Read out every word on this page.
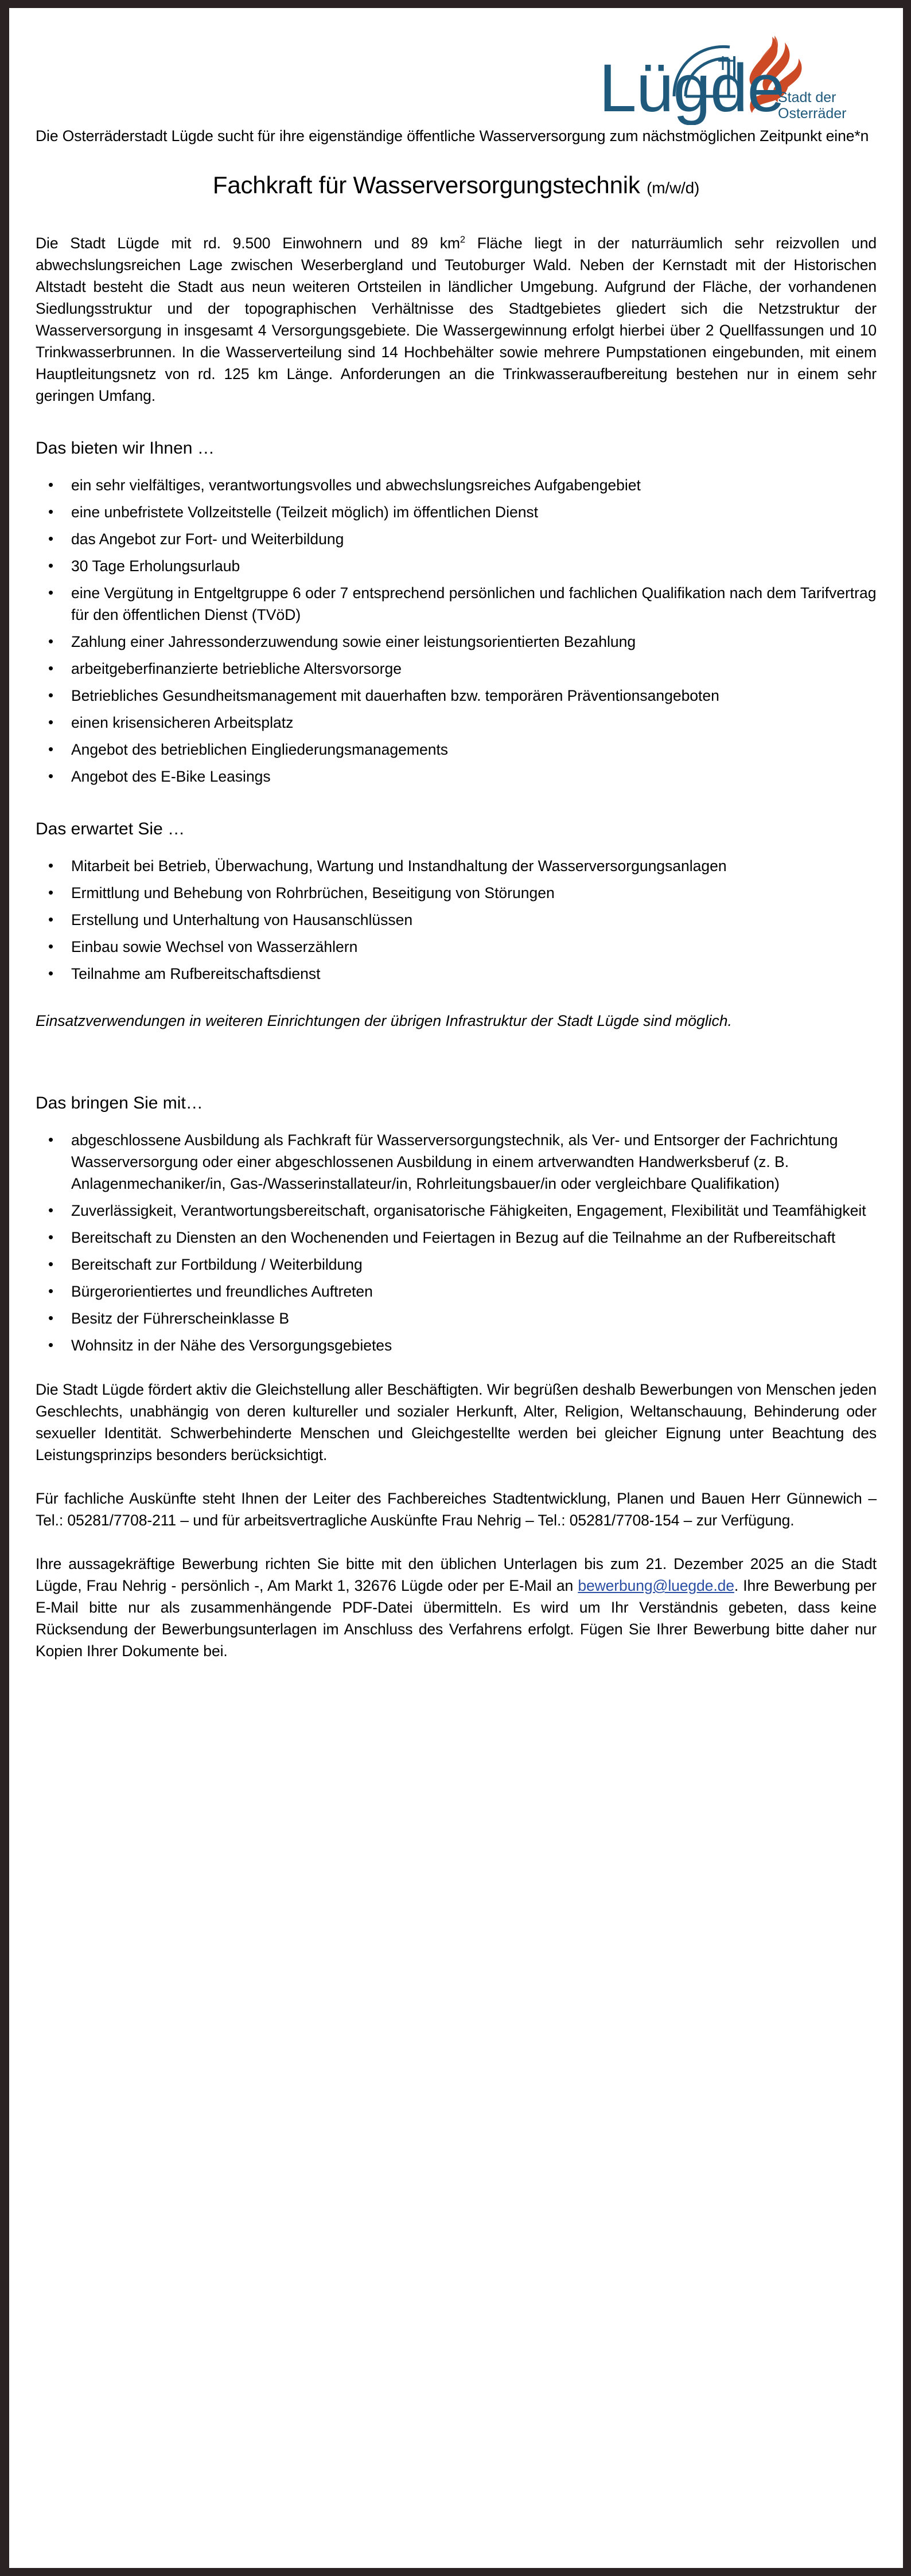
Lügde
Stadt der
Osterräder

Die Osterräderstadt Lügde sucht für ihre eigenständige öffentliche Wasserversorgung zum nächstmöglichen Zeitpunkt eine*n

Fachkraft für Wasserversorgungstechnik (m/w/d)

Die Stadt Lügde mit rd. 9.500 Einwohnern und 89 $km^2$ Fläche liegt in der naturräumlich sehr reizvollen und abwechslungsreichen Lage zwischen Weserbergland und Teutoburger Wald. Neben der Kernstadt mit der Historischen Altstadt besteht die Stadt aus neun weiteren Ortsteilen in ländlicher Umgebung. Aufgrund der Fläche, der vorhandenen Siedlungsstruktur und der topographischen Verhältnisse des Stadtgebietes gliedert sich die Netzstruktur der Wasserversorgung in insgesamt 4 Versorgungsgebiete. Die Wassergewinnung erfolgt hierbei über 2 Quellfassungen und 10 Trinkwasserbrunnen. In die Wasserverteilung sind 14 Hochbehälter sowie mehrere Pumpstationen eingebunden, mit einem Hauptleitungsnetz von rd. 125 km Länge. Anforderungen an die Trinkwasseraufbereitung bestehen nur in einem sehr geringen Umfang.

Das bieten wir Ihnen …
• ein sehr vielfältiges, verantwortungsvolles und abwechslungsreiches Aufgabengebiet
• eine unbefristete Vollzeitstelle (Teilzeit möglich) im öffentlichen Dienst
• das Angebot zur Fort- und Weiterbildung
• 30 Tage Erholungsurlaub
• eine Vergütung in Entgeltgruppe 6 oder 7 entsprechend persönlichen und fachlichen Qualifikation nach dem Tarifvertrag für den öffentlichen Dienst (TVöD)
• Zahlung einer Jahressonderzuwendung sowie einer leistungsorientierten Bezahlung
• arbeitgeberfinanzierte betriebliche Altersvorsorge
• Betriebliches Gesundheitsmanagement mit dauerhaften bzw. temporären Präventionsangeboten
• einen krisensicheren Arbeitsplatz
• Angebot des betrieblichen Eingliederungsmanagements
• Angebot des E-Bike Leasings
Das erwartet Sie …
• Mitarbeit bei Betrieb, Überwachung, Wartung und Instandhaltung der Wasserversorgungsanlagen
• Ermittlung und Behebung von Rohrbrüchen, Beseitigung von Störungen
• Erstellung und Unterhaltung von Hausanschlüssen
• Einbau sowie Wechsel von Wasserzählern
• Teilnahme am Rufbereitschaftsdienst

Einsatzverwendungen in weiteren Einrichtungen der übrigen Infrastruktur der Stadt Lügde sind möglich.

Das bringen Sie mit…
• abgeschlossene Ausbildung als Fachkraft für Wasserversorgungstechnik, als Ver- und Entsorger der Fachrichtung Wasserversorgung oder einer abgeschlossenen Ausbildung in einem artverwandten Handwerksberuf (z. B. Anlagenmechaniker/in, Gas-/Wasserinstallateur/in, Rohrleitungsbauer/in oder vergleichbare Qualifikation)
• Zuverlässigkeit, Verantwortungsbereitschaft, organisatorische Fähigkeiten, Engagement, Flexibilität und Teamfähigkeit
• Bereitschaft zu Diensten an den Wochenenden und Feiertagen in Bezug auf die Teilnahme an der Rufbereitschaft
• Bereitschaft zur Fortbildung / Weiterbildung
• Bürgerorientiertes und freundliches Auftreten
• Besitz der Führerscheinklasse B
• Wohnsitz in der Nähe des Versorgungsgebietes

Die Stadt Lügde fördert aktiv die Gleichstellung aller Beschäftigten. Wir begrüßen deshalb Bewerbungen von Menschen jeden Geschlechts, unabhängig von deren kultureller und sozialer Herkunft, Alter, Religion, Weltanschauung, Behinderung oder sexueller Identität. Schwerbehinderte Menschen und Gleichgestellte werden bei gleicher Eignung unter Beachtung des Leistungsprinzips besonders berücksichtigt.

Für fachliche Auskünfte steht Ihnen der Leiter des Fachbereiches Stadtentwicklung, Planen und Bauen Herr Günnewich – Tel.: 05281/7708-211 – und für arbeitsvertragliche Auskünfte Frau Nehrig – Tel.: 05281/7708-154 – zur Verfügung.

Ihre aussagekräftige Bewerbung richten Sie bitte mit den üblichen Unterlagen bis zum 21. Dezember 2025 an die Stadt Lügde, Frau Nehrig - persönlich -, Am Markt 1, 32676 Lügde oder per E-Mail an bewerbung@luegde.de. Ihre Bewerbung per E-Mail bitte nur als zusammenhängende PDF-Datei übermitteln. Es wird um Ihr Verständnis gebeten, dass keine Rücksendung der Bewerbungsunterlagen im Anschluss des Verfahrens erfolgt. Fügen Sie Ihrer Bewerbung bitte daher nur Kopien Ihrer Dokumente bei.
